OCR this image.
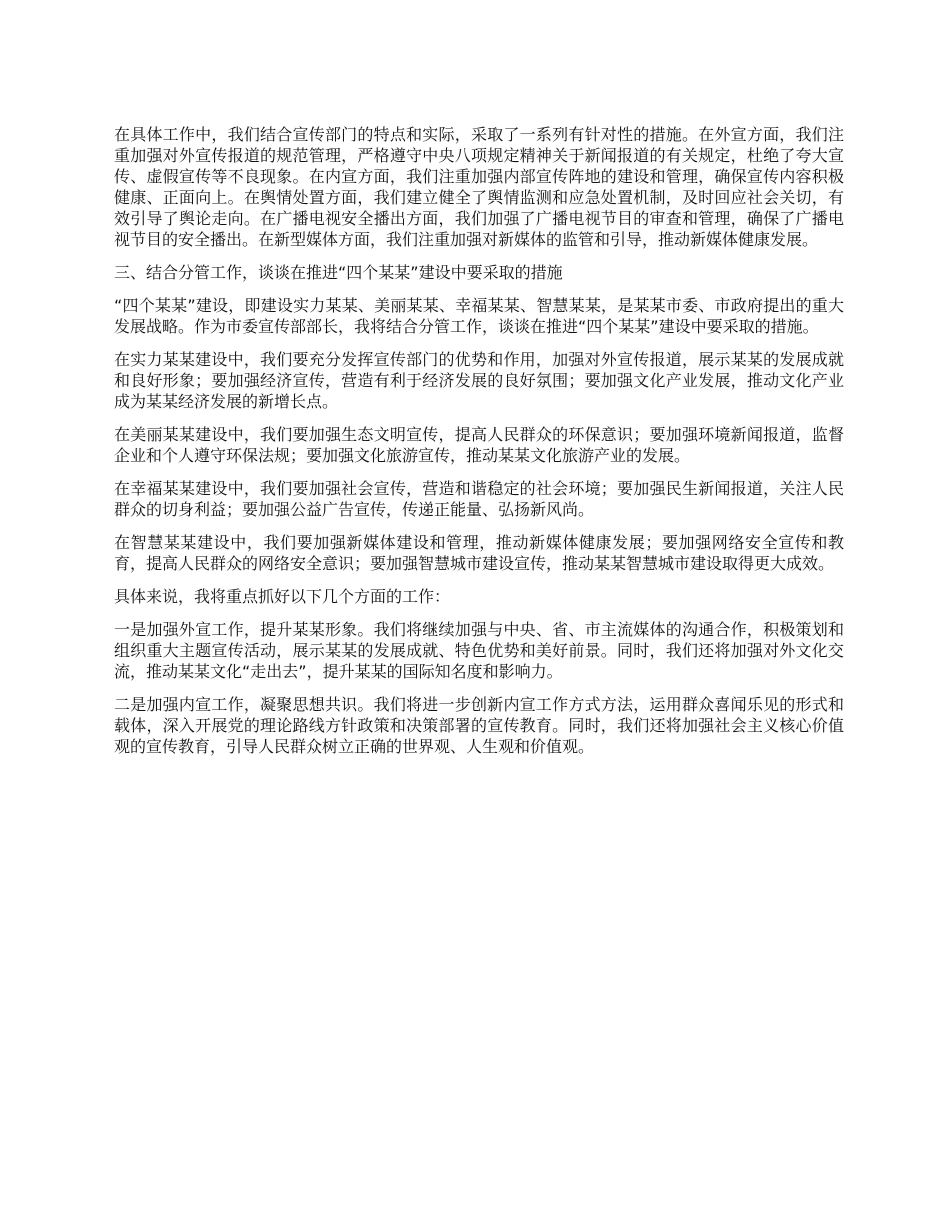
在具体工作中，我们结合宣传部门的特点和实际，采取了一系列有针对性的措施。在外宣方面，我们注重加强对外宣传报道的规范管理，严格遵守中央八项规定精神关于新闻报道的有关规定，杜绝了夸大宣传、虚假宣传等不良现象。在内宣方面，我们注重加强内部宣传阵地的建设和管理，确保宣传内容积极健康、正面向上。在舆情处置方面，我们建立健全了舆情监测和应急处置机制，及时回应社会关切，有效引导了舆论走向。在广播电视安全播出方面，我们加强了广播电视节目的审查和管理，确保了广播电视节目的安全播出。在新型媒体方面，我们注重加强对新媒体的监管和引导，推动新媒体健康发展。

三、结合分管工作，谈谈在推进“四个某某”建设中要采取的措施

“四个某某”建设，即建设实力某某、美丽某某、幸福某某、智慧某某，是某某市委、市政府提出的重大发展战略。作为市委宣传部部长，我将结合分管工作，谈谈在推进“四个某某”建设中要采取的措施。

在实力某某建设中，我们要充分发挥宣传部门的优势和作用，加强对外宣传报道，展示某某的发展成就和良好形象；要加强经济宣传，营造有利于经济发展的良好氛围；要加强文化产业发展，推动文化产业成为某某经济发展的新增长点。

在美丽某某建设中，我们要加强生态文明宣传，提高人民群众的环保意识；要加强环境新闻报道，监督企业和个人遵守环保法规；要加强文化旅游宣传，推动某某文化旅游产业的发展。

在幸福某某建设中，我们要加强社会宣传，营造和谐稳定的社会环境；要加强民生新闻报道，关注人民群众的切身利益；要加强公益广告宣传，传递正能量、弘扬新风尚。

在智慧某某建设中，我们要加强新媒体建设和管理，推动新媒体健康发展；要加强网络安全宣传和教育，提高人民群众的网络安全意识；要加强智慧城市建设宣传，推动某某智慧城市建设取得更大成效。

具体来说，我将重点抓好以下几个方面的工作：

一是加强外宣工作，提升某某形象。我们将继续加强与中央、省、市主流媒体的沟通合作，积极策划和组织重大主题宣传活动，展示某某的发展成就、特色优势和美好前景。同时，我们还将加强对外文化交流，推动某某文化“走出去”，提升某某的国际知名度和影响力。

二是加强内宣工作，凝聚思想共识。我们将进一步创新内宣工作方式方法，运用群众喜闻乐见的形式和载体，深入开展党的理论路线方针政策和决策部署的宣传教育。同时，我们还将加强社会主义核心价值观的宣传教育，引导人民群众树立正确的世界观、人生观和价值观。
